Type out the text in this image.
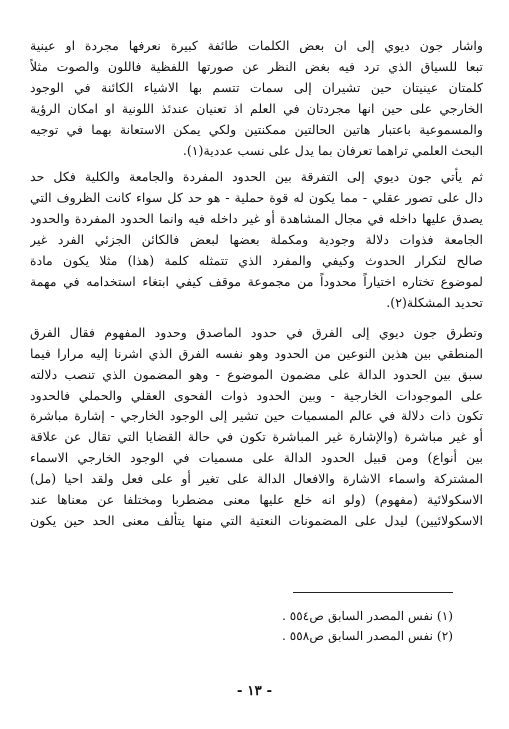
واشار جون ديوي إلى ان بعض الكلمات طائفة كبيرة نعرفها مجردة او عينية
تبعا للسياق الذي ترد فيه بغض النظر عن صورتها اللفظية فاللون والصوت مثلاً
كلمتان عينيتان حين تشيران إلى سمات تتسم بها الاشياء الكائنة في الوجود
الخارجي على حين انها مجردتان في العلم اذ تعنيان عندئذ اللونية او امكان الرؤية
والمسموعية باعتبار هاتين الحالتين ممكنتين ولكي يمكن الاستعانة بهما في توجيه
البحث العلمي تراهما تعرفان بما يدل على نسب عددية(١).
ثم يأتي جون ديوي إلى التفرقة بين الحدود المفردة والجامعة والكلية فكل حد
دال على تصور عقلي - مما يكون له قوة حملية - هو حد كل سواء كانت الظروف التي
يصدق عليها داخله في مجال المشاهدة أو غير داخله فيه وانما الحدود المفردة والحدود
الجامعة فذوات دلالة وجودية ومكملة بعضها لبعض فالكائن الجزئي الفرد غير
صالح لتكرار الحدوث وكيفي والمفرد الذي تتمثله كلمة (هذا) مثلا يكون مادة
لموضوع تختاره اختياراً محدوداً من مجموعة موقف كيفي ابتغاء استخدامه في مهمة
تحديد المشكلة(٢).
وتطرق جون ديوي إلى الفرق في حدود الماصدق وحدود المفهوم فقال الفرق
المنطقي بين هذين النوعين من الحدود وهو نفسه الفرق الذي اشرنا إليه مرارا فيما
سبق بين الحدود الدالة على مضمون الموضوع - وهو المضمون الذي تنصب دلالته
على الموجودات الخارجية - وبين الحدود ذوات الفحوى العقلي والحملي فالحدود
تكون ذات دلالة في عالم المسميات حين تشير إلى الوجود الخارجي - إشارة مباشرة
أو غير مباشرة (والإشارة غير المباشرة تكون في حالة القضايا التي تقال عن علاقة
بين أنواع) ومن قبيل الحدود الدالة على مسميات في الوجود الخارجي الاسماء
المشتركة واسماء الاشارة والافعال الدالة على تغير أو على فعل ولقد احيا (مل)
الاسكولائية (مفهوم) (ولو انه خلع عليها معنى مضطربا ومختلفا عن معناها عند
الاسكولائيين) ليدل على المضمونات النعتية التي منها يتألف معنى الحد حين يكون
(١) نفس المصدر السابق ص٥٥٤ .
(٢) نفس المصدر السابق ص٥٥٨ .
- ١٣ -
